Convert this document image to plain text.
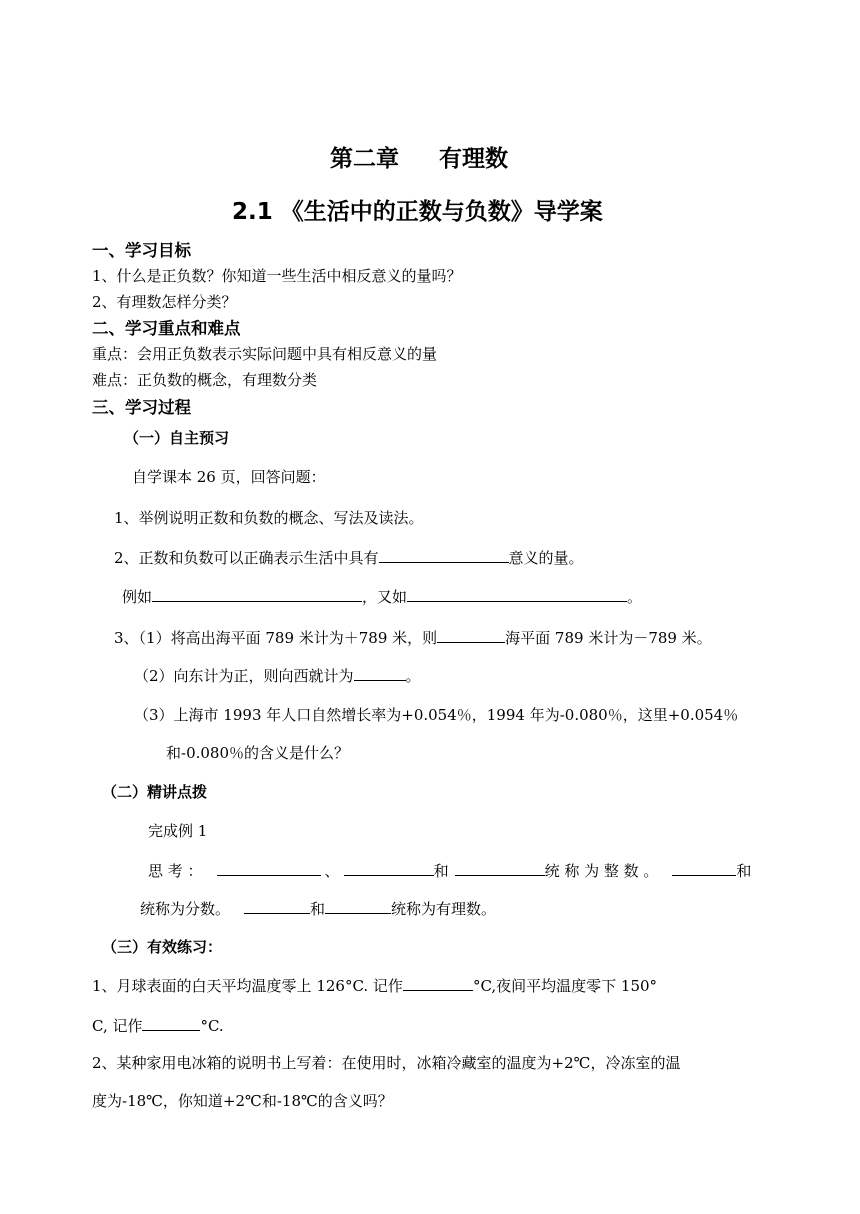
第二章 有理数
2.1 《生活中的正数与负数》导学案
一、学习目标
1、什么是正负数？你知道一些生活中相反意义的量吗？
2、有理数怎样分类？
二、学习重点和难点
重点：会用正负数表示实际问题中具有相反意义的量
难点：正负数的概念，有理数分类
三、学习过程
（一）自主预习
自学课本 26 页，回答问题：
1、举例说明正数和负数的概念、写法及读法。
2、正数和负数可以正确表示生活中具有	意义的量。
例如	，又如	。
3、（1）将高出海平面 789 米计为＋789 米，则	海平面 789 米计为－789 米。
（2）向东计为正，则向西就计为	。
（3）上海市 1993 年人口自然增长率为+0.054％，1994 年为-0.080％，这里+0.054％
和-0.080％的含义是什么？
（二）精讲点拨
完成例 1
思 考 ：	、	和	统 称 为 整 数 。	和
统称为分数。	和	统称为有理数。
（三）有效练习：
1、月球表面的白天平均温度零上 126°C. 记作	°C,夜间平均温度零下 150°
C, 记作	°C.
2、某种家用电冰箱的说明书上写着：在使用时，冰箱冷藏室的温度为+2℃，冷冻室的温
度为-18℃，你知道+2℃和-18℃的含义吗？
